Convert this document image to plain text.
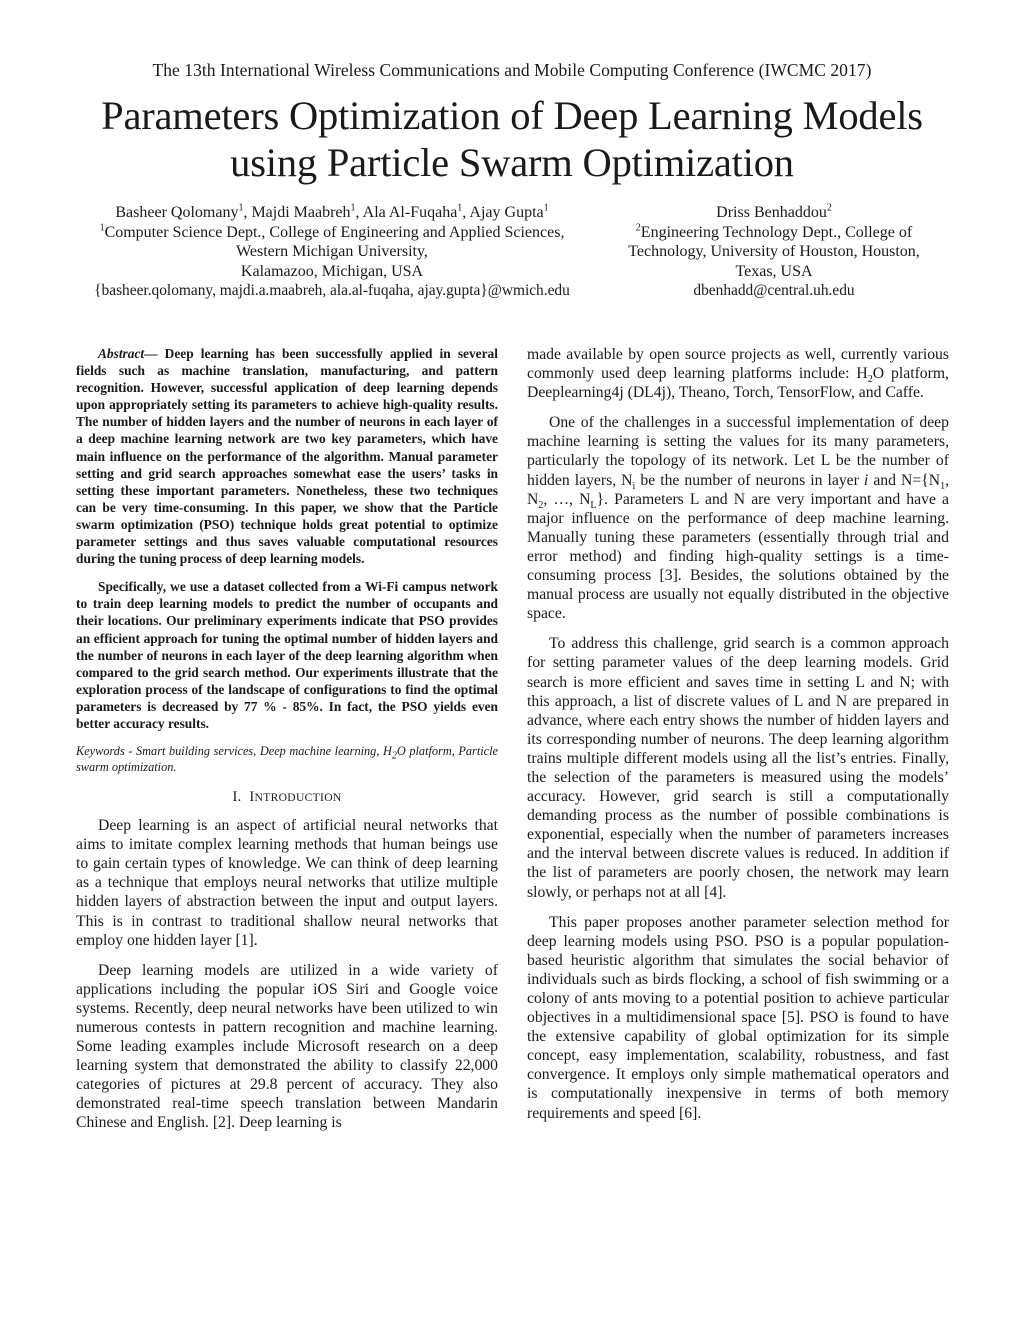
The 13th International Wireless Communications and Mobile Computing Conference (IWCMC 2017)
Parameters Optimization of Deep Learning Models
using Particle Swarm Optimization
Basheer Qolomany$^1$, Majdi Maabreh$^1$, Ala Al-Fuqaha$^1$, Ajay Gupta$^1$
$^1$Computer Science Dept., College of Engineering and Applied Sciences,
Western Michigan University,
Kalamazoo, Michigan, USA
{basheer.qolomany, majdi.a.maabreh, ala.al-fuqaha, ajay.gupta}@wmich.edu
Driss Benhaddou$^2$
$^2$Engineering Technology Dept., College of
Technology, University of Houston, Houston,
Texas, USA
dbenhadd@central.uh.edu

Abstract— Deep learning has been successfully applied in several fields such as machine translation, manufacturing, and pattern recognition. However, successful application of deep learning depends upon appropriately setting its parameters to achieve high-quality results. The number of hidden layers and the number of neurons in each layer of a deep machine learning network are two key parameters, which have main influence on the performance of the algorithm. Manual parameter setting and grid search approaches somewhat ease the users’ tasks in setting these important parameters. Nonetheless, these two techniques can be very time-consuming. In this paper, we show that the Particle swarm optimization (PSO) technique holds great potential to optimize parameter settings and thus saves valuable computational resources during the tuning process of deep learning models.

Specifically, we use a dataset collected from a Wi-Fi campus network to train deep learning models to predict the number of occupants and their locations. Our preliminary experiments indicate that PSO provides an efficient approach for tuning the optimal number of hidden layers and the number of neurons in each layer of the deep learning algorithm when compared to the grid search method. Our experiments illustrate that the exploration process of the landscape of configurations to find the optimal parameters is decreased by 77 % - 85%. In fact, the PSO yields even better accuracy results.

Keywords - Smart building services, Deep machine learning, $H_2O$ platform, Particle swarm optimization.

I. INTRODUCTION

Deep learning is an aspect of artificial neural networks that aims to imitate complex learning methods that human beings use to gain certain types of knowledge. We can think of deep learning as a technique that employs neural networks that utilize multiple hidden layers of abstraction between the input and output layers. This is in contrast to traditional shallow neural networks that employ one hidden layer [1].

Deep learning models are utilized in a wide variety of applications including the popular iOS Siri and Google voice systems. Recently, deep neural networks have been utilized to win numerous contests in pattern recognition and machine learning. Some leading examples include Microsoft research on a deep learning system that demonstrated the ability to classify 22,000 categories of pictures at 29.8 percent of accuracy. They also demonstrated real-time speech translation between Mandarin Chinese and English. [2]. Deep learning is

made available by open source projects as well, currently various commonly used deep learning platforms include: $H_2O$ platform, Deeplearning4j (DL4j), Theano, Torch, TensorFlow, and Caffe.

One of the challenges in a successful implementation of deep machine learning is setting the values for its many parameters, particularly the topology of its network. Let L be the number of hidden layers, $N_i$ be the number of neurons in layer i and $N=\{N_1$, $N_2$, …, $N_L$}. Parameters L and N are very important and have a major influence on the performance of deep machine learning. Manually tuning these parameters (essentially through trial and error method) and finding high-quality settings is a time-consuming process [3]. Besides, the solutions obtained by the manual process are usually not equally distributed in the objective space.

To address this challenge, grid search is a common approach for setting parameter values of the deep learning models. Grid search is more efficient and saves time in setting L and N; with this approach, a list of discrete values of L and N are prepared in advance, where each entry shows the number of hidden layers and its corresponding number of neurons. The deep learning algorithm trains multiple different models using all the list’s entries. Finally, the selection of the parameters is measured using the models’ accuracy. However, grid search is still a computationally demanding process as the number of possible combinations is exponential, especially when the number of parameters increases and the interval between discrete values is reduced. In addition if the list of parameters are poorly chosen, the network may learn slowly, or perhaps not at all [4].

This paper proposes another parameter selection method for deep learning models using PSO. PSO is a popular population-based heuristic algorithm that simulates the social behavior of individuals such as birds flocking, a school of fish swimming or a colony of ants moving to a potential position to achieve particular objectives in a multidimensional space [5]. PSO is found to have the extensive capability of global optimization for its simple concept, easy implementation, scalability, robustness, and fast convergence. It employs only simple mathematical operators and is computationally inexpensive in terms of both memory requirements and speed [6].
